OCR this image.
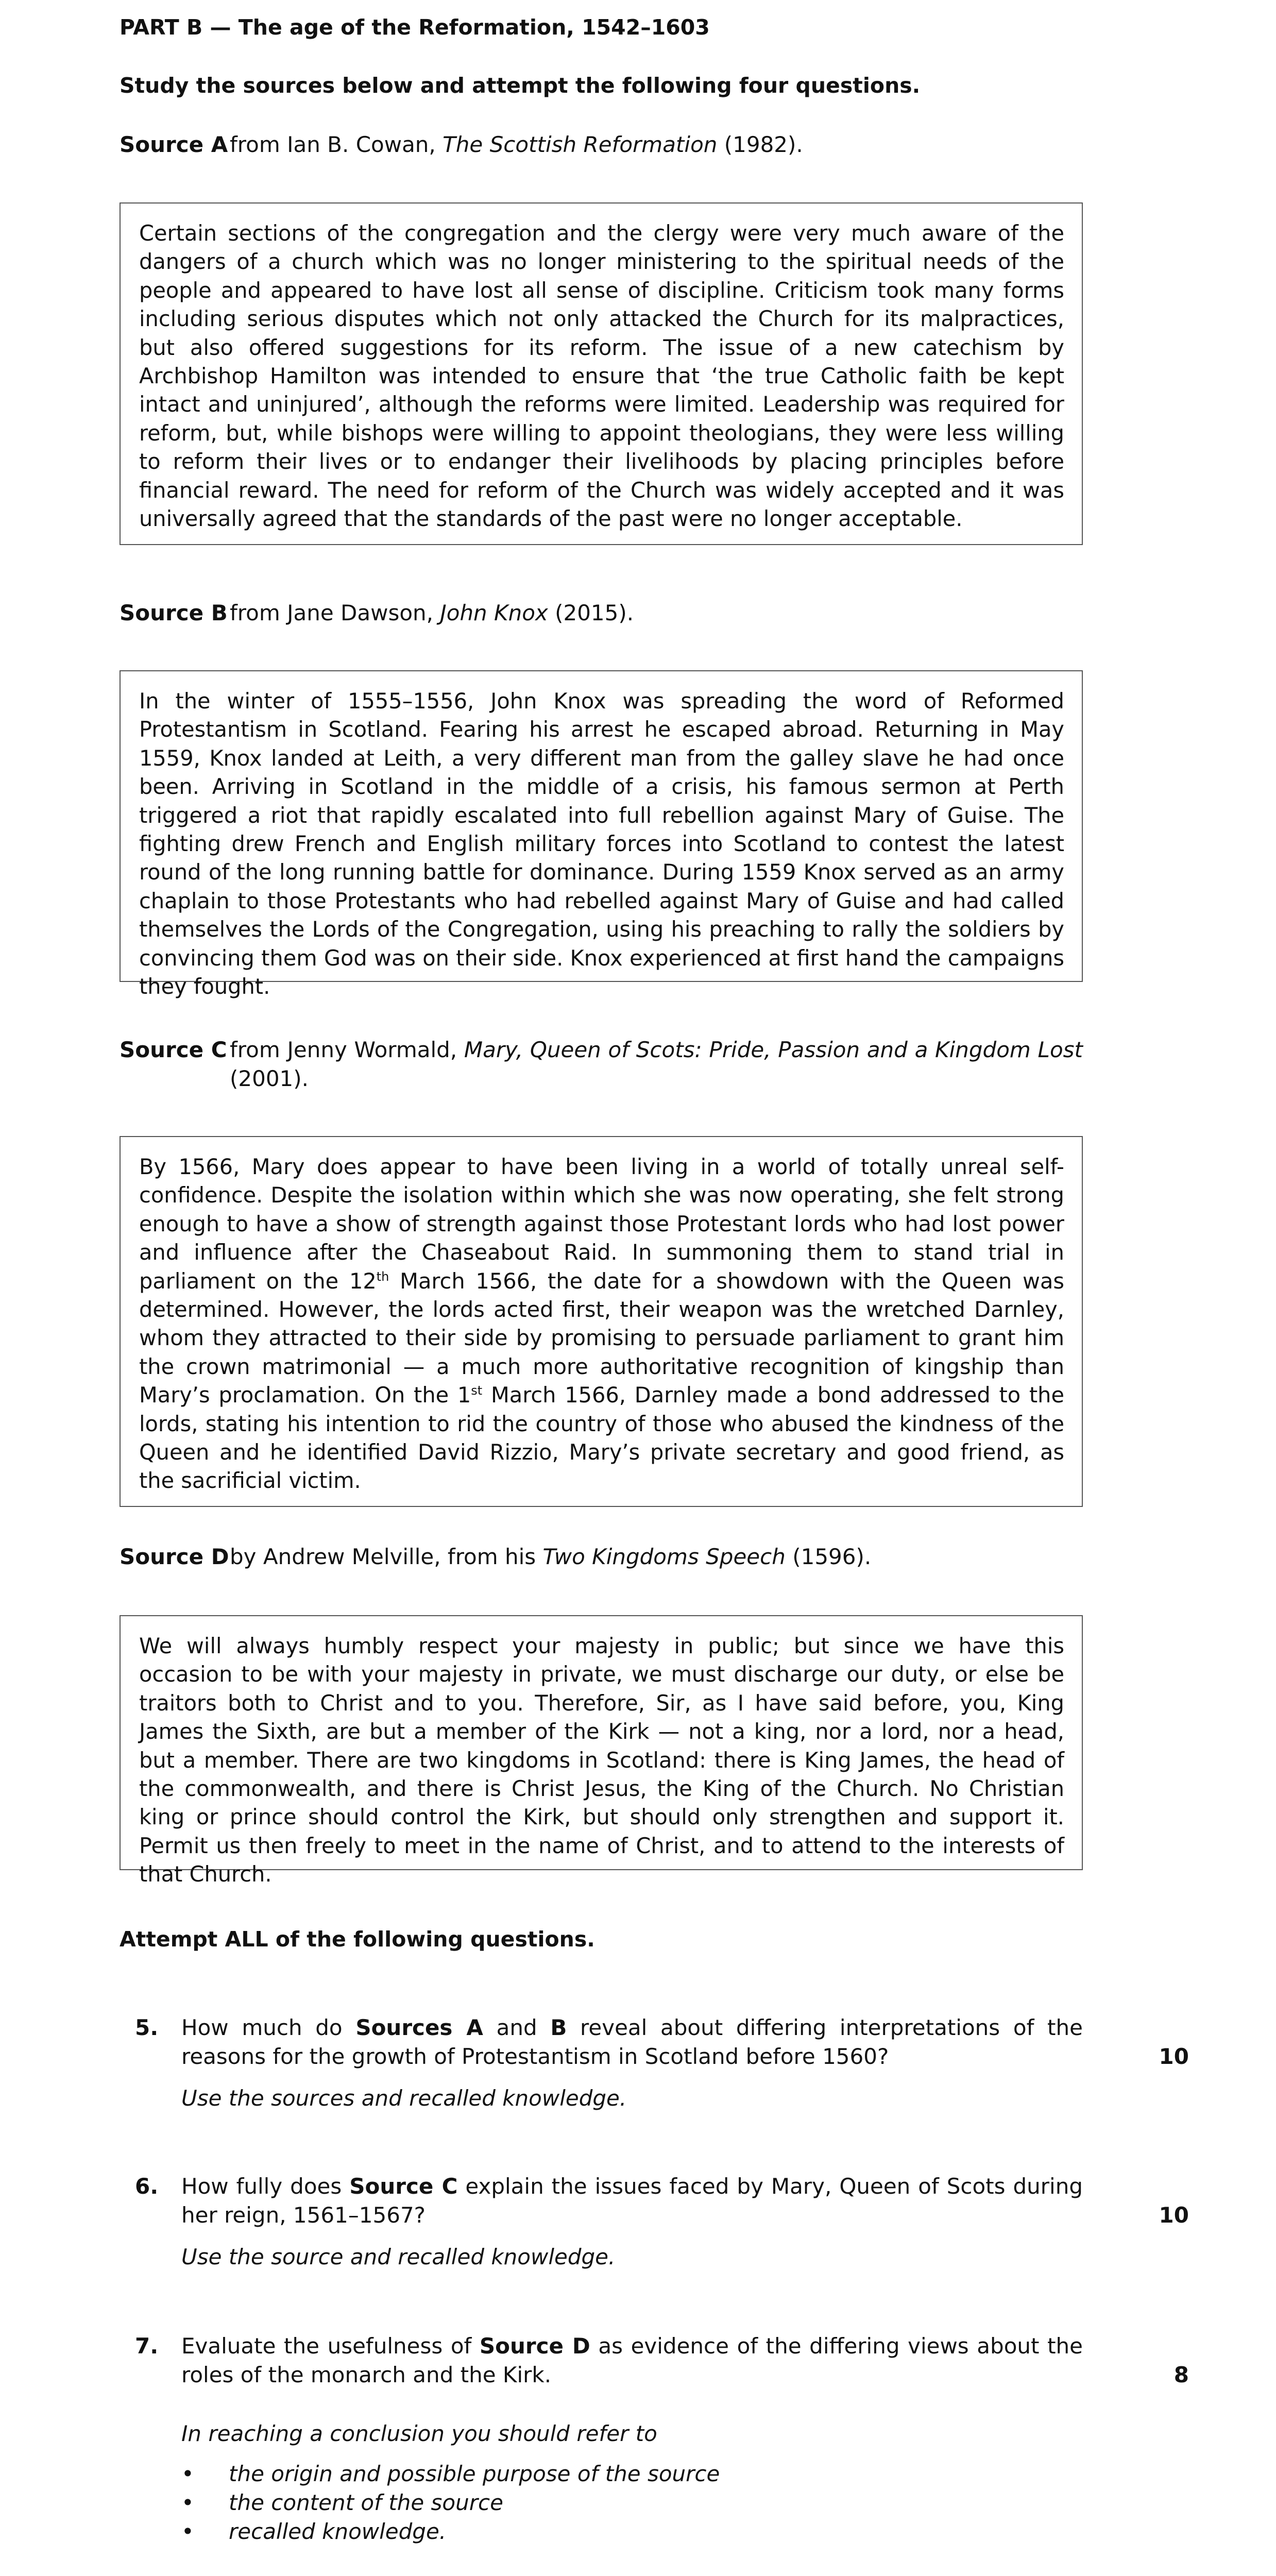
PART B — The age of the Reformation, 1542–1603
Study the sources below and attempt the following four questions.
Source Afrom Ian B. Cowan, The Scottish Reformation (1982).
Certain sections of the congregation and the clergy were very much aware of the dangers of a church which was no longer ministering to the spiritual needs of the people and appeared to have lost all sense of discipline. Criticism took many forms including serious disputes which not only attacked the Church for its malpractices, but also offered suggestions for its reform. The issue of a new catechism by Archbishop Hamilton was intended to ensure that ‘the true Catholic faith be kept intact and uninjured’, although the reforms were limited. Leadership was required for reform, but, while bishops were willing to appoint theologians, they were less willing to reform their lives or to endanger their livelihoods by placing principles before financial reward. The need for reform of the Church was widely accepted and it was universally agreed that the standards of the past were no longer acceptable.
Source B from Jane Dawson, John Knox (2015).
In the winter of 1555–1556, John Knox was spreading the word of Reformed Protestantism in Scotland. Fearing his arrest he escaped abroad. Returning in May 1559, Knox landed at Leith, a very different man from the galley slave he had once been. Arriving in Scotland in the middle of a crisis, his famous sermon at Perth triggered a riot that rapidly escalated into full rebellion against Mary of Guise. The fighting drew French and English military forces into Scotland to contest the latest round of the long running battle for dominance. During 1559 Knox served as an army chaplain to those Protestants who had rebelled against Mary of Guise and had called themselves the Lords of the Congregation, using his preaching to rally the soldiers by convincing them God was on their side. Knox experienced at first hand the campaigns they fought.
Source C from Jenny Wormald, Mary, Queen of Scots: Pride, Passion and a Kingdom Lost (2001).
By 1566, Mary does appear to have been living in a world of totally unreal self-confidence. Despite the isolation within which she was now operating, she felt strong enough to have a show of strength against those Protestant lords who had lost power and influence after the Chaseabout Raid. In summoning them to stand trial in parliament on the 12th March 1566, the date for a showdown with the Queen was determined. However, the lords acted first, their weapon was the wretched Darnley, whom they attracted to their side by promising to persuade parliament to grant him the crown matrimonial — a much more authoritative recognition of kingship than Mary’s proclamation. On the 1st March 1566, Darnley made a bond addressed to the lords, stating his intention to rid the country of those who abused the kindness of the Queen and he identified David Rizzio, Mary’s private secretary and good friend, as the sacrificial victim.
Source Dby Andrew Melville, from his Two Kingdoms Speech (1596).
We will always humbly respect your majesty in public; but since we have this occasion to be with your majesty in private, we must discharge our duty, or else be traitors both to Christ and to you. Therefore, Sir, as I have said before, you, King James the Sixth, are but a member of the Kirk — not a king, nor a lord, nor a head, but a member. There are two kingdoms in Scotland: there is King James, the head of the commonwealth, and there is Christ Jesus, the King of the Church. No Christian king or prince should control the Kirk, but should only strengthen and support it. Permit us then freely to meet in the name of Christ, and to attend to the interests of that Church.
Attempt ALL of the following questions.
5. How much do Sources A and B reveal about differing interpretations of the reasons for the growth of Protestantism in Scotland before 1560?
Use the sources and recalled knowledge.
10
6. How fully does Source C explain the issues faced by Mary, Queen of Scots during her reign, 1561–1567?
Use the source and recalled knowledge.
10
7. Evaluate the usefulness of Source D as evidence of the differing views about the roles of the monarch and the Kirk.	8
In reaching a conclusion you should refer to
• the origin and possible purpose of the source
• the content of the source
• recalled knowledge.
